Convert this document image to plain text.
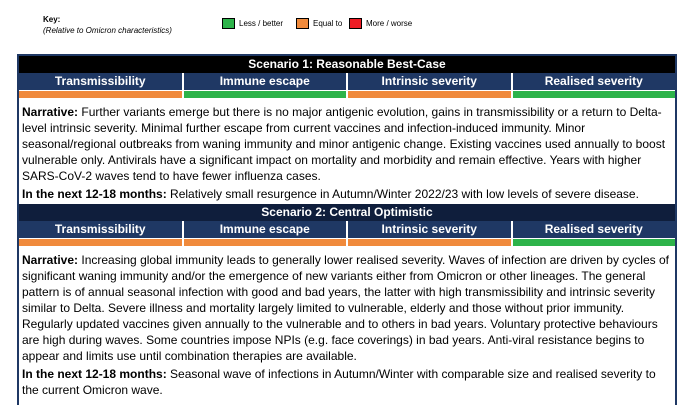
Key:
(Relative to Omicron characteristics)
Less / better	Equal to	More / worse
Scenario 1: Reasonable Best-Case
Transmissibility	Immune escape	Intrinsic severity	Realised severity
Narrative: Further variants emerge but there is no major antigenic evolution, gains in transmissibility or a return to Delta-level intrinsic severity. Minimal further escape from current vaccines and infection-induced immunity. Minor seasonal/regional outbreaks from waning immunity and minor antigenic change. Existing vaccines used annually to boost vulnerable only. Antivirals have a significant impact on mortality and morbidity and remain effective. Years with higher SARS-CoV-2 waves tend to have fewer influenza cases.
In the next 12-18 months: Relatively small resurgence in Autumn/Winter 2022/23 with low levels of severe disease.
Scenario 2: Central Optimistic
Transmissibility	Immune escape	Intrinsic severity	Realised severity
Narrative: Increasing global immunity leads to generally lower realised severity. Waves of infection are driven by cycles of significant waning immunity and/or the emergence of new variants either from Omicron or other lineages. The general pattern is of annual seasonal infection with good and bad years, the latter with high transmissibility and intrinsic severity similar to Delta. Severe illness and mortality largely limited to vulnerable, elderly and those without prior immunity. Regularly updated vaccines given annually to the vulnerable and to others in bad years. Voluntary protective behaviours are high during waves. Some countries impose NPIs (e.g. face coverings) in bad years. Anti-viral resistance begins to appear and limits use until combination therapies are available.
In the next 12-18 months: Seasonal wave of infections in Autumn/Winter with comparable size and realised severity to the current Omicron wave.
